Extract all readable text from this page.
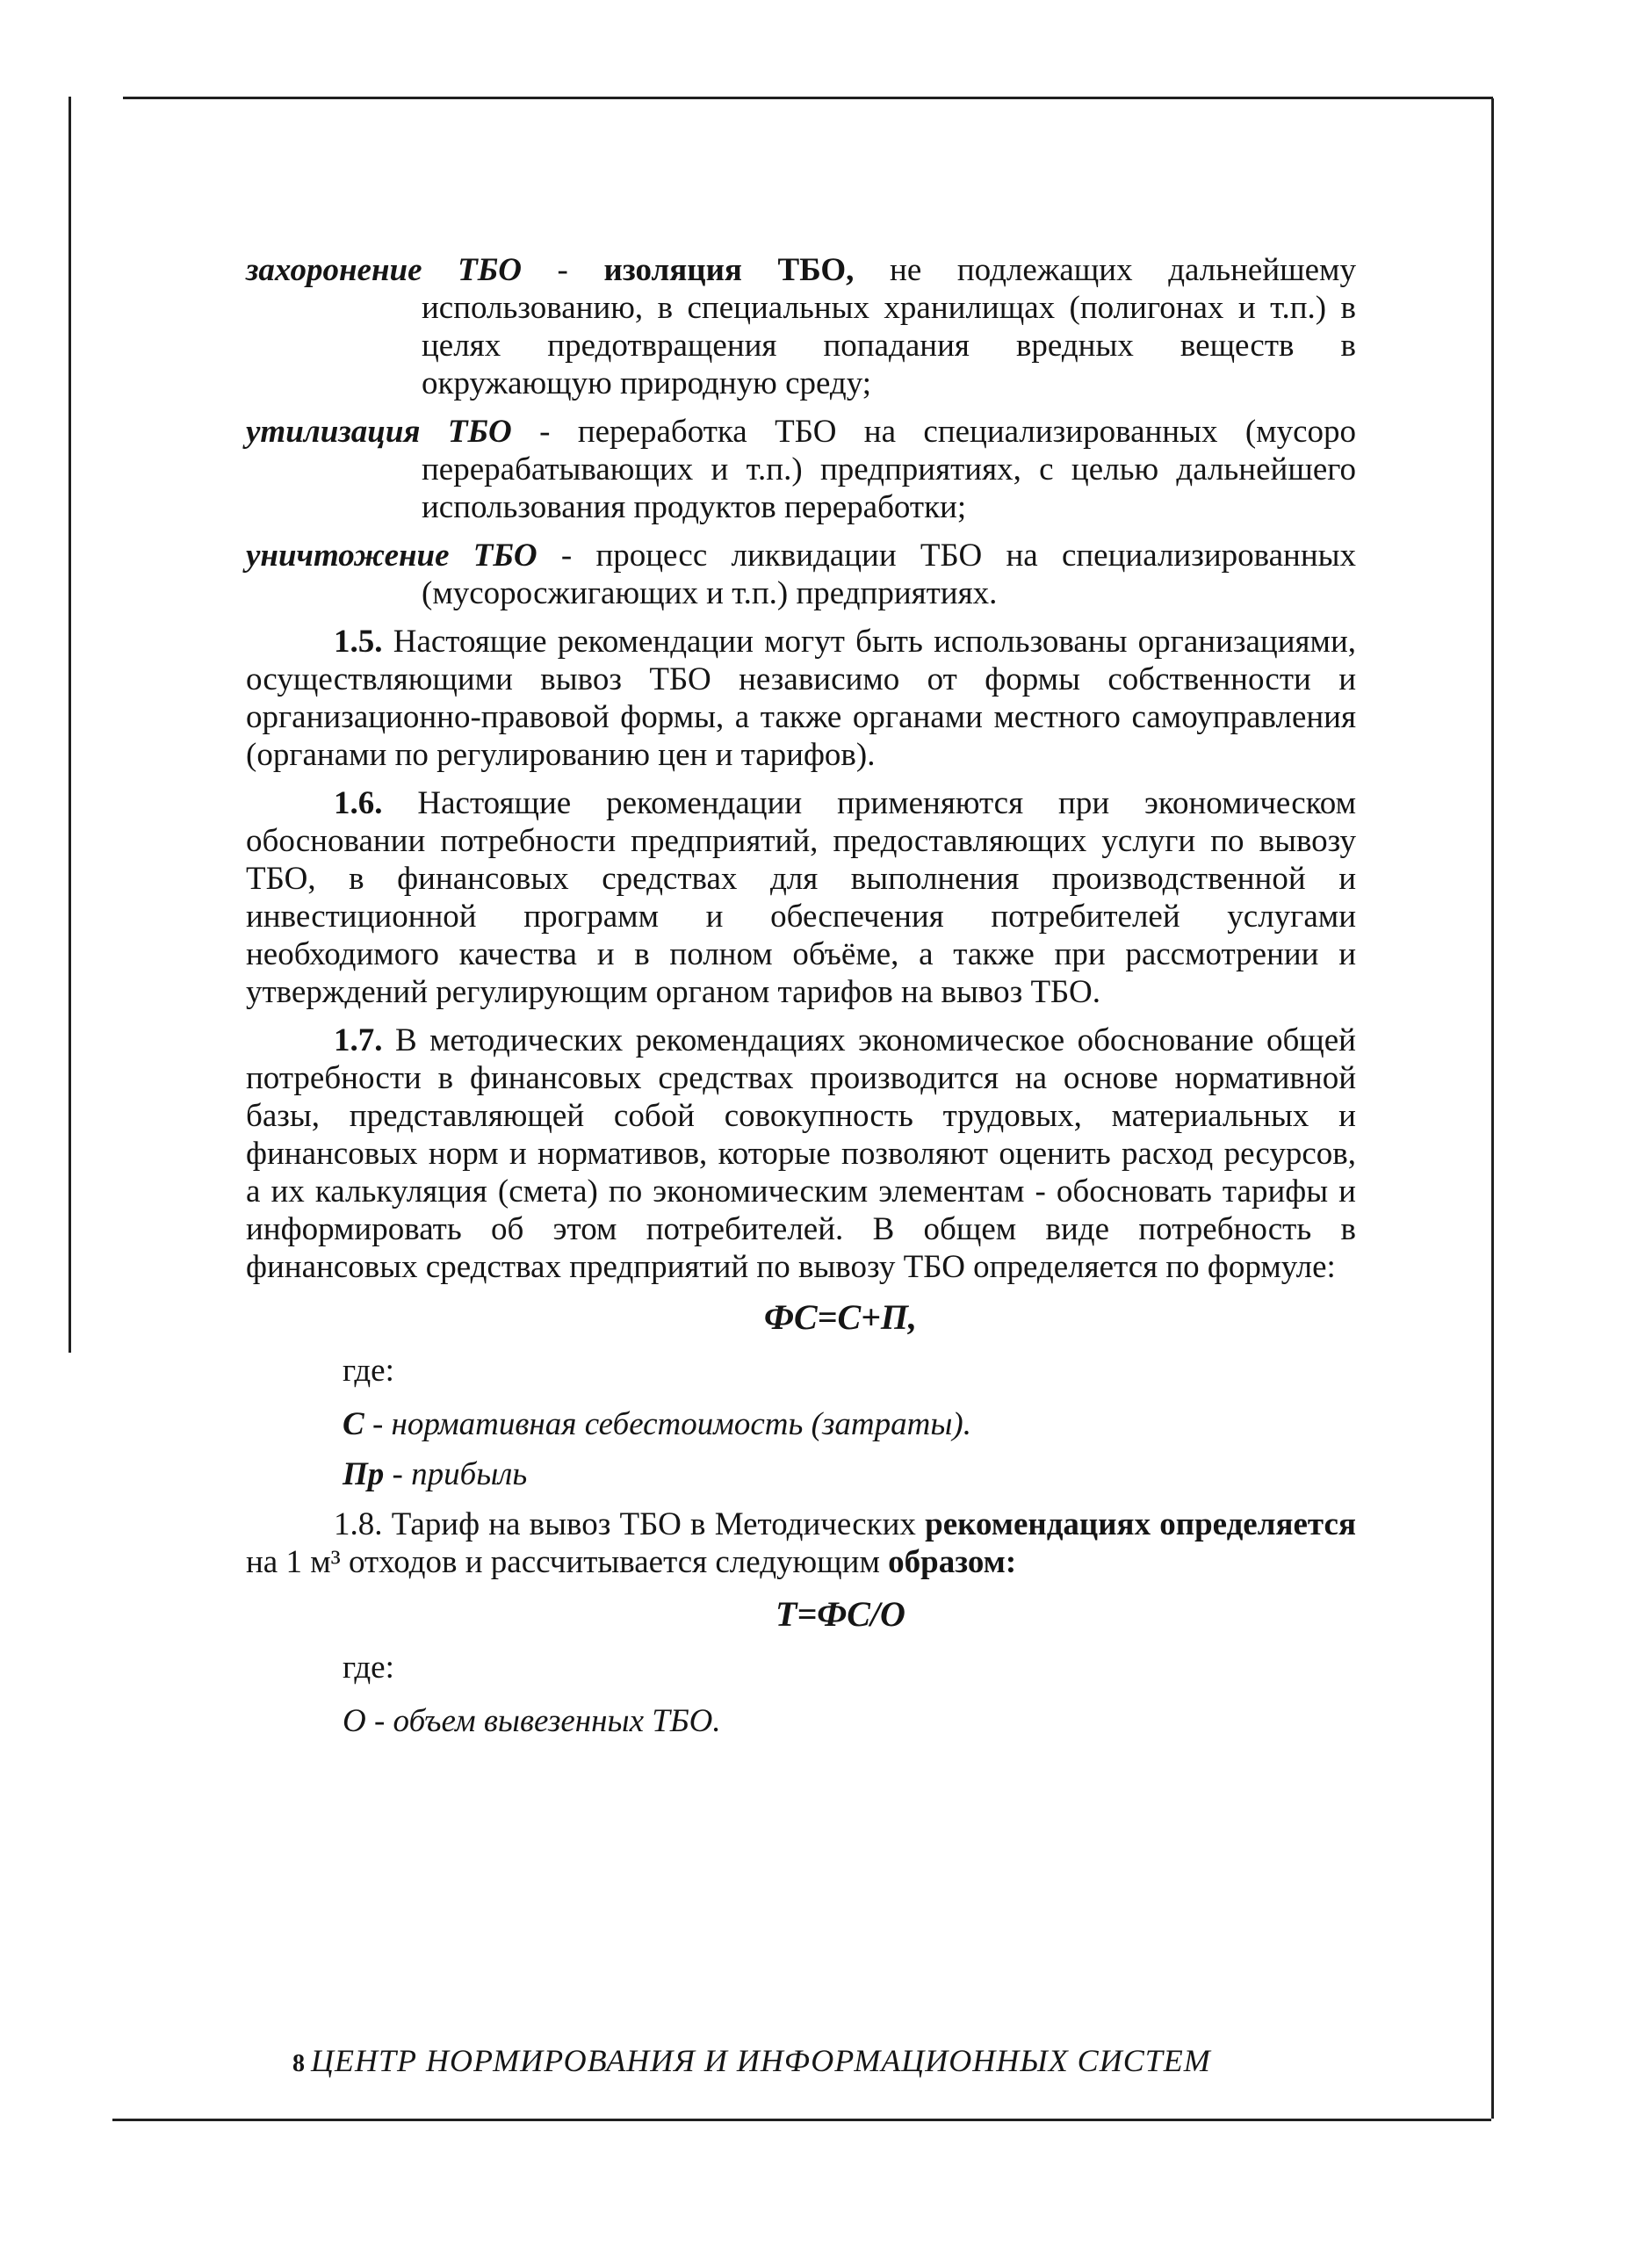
захоронение ТБО - изоляция ТБО, не подлежащих дальнейшему использованию, в специальных хранилищах (полигонах и т.п.) в целях предотвращения попадания вредных веществ в окружающую природную среду;

утилизация ТБО - переработка ТБО на специализированных (мусоро перерабатывающих и т.п.) предприятиях, с целью дальнейшего использования продуктов переработки;

уничтожение ТБО - процесс ликвидации ТБО на специализированных (мусоросжигающих и т.п.) предприятиях.

1.5. Настоящие рекомендации могут быть использованы организациями, осуществляющими вывоз ТБО независимо от формы собственности и организационно-правовой формы, а также органами местного самоуправления (органами по регулированию цен и тарифов).

1.6. Настоящие рекомендации применяются при экономическом обосновании потребности предприятий, предоставляющих услуги по вывозу ТБО, в финансовых средствах для выполнения производственной и инвестиционной программ и обеспечения потребителей услугами необходимого качества и в полном объёме, а также при рассмотрении и утверждений регулирующим органом тарифов на вывоз ТБО.

1.7. В методических рекомендациях экономическое обоснование общей потребности в финансовых средствах производится на основе нормативной базы, представляющей собой совокупность трудовых, материальных и финансовых норм и нормативов, которые позволяют оценить расход ресурсов, а их калькуляция (смета) по экономическим элементам - обосновать тарифы и информировать об этом потребителей. В общем виде потребность в финансовых средствах предприятий по вывозу ТБО определяется по формуле:

ФС=С+П,

где:

С - нормативная себестоимость (затраты).

Пр - прибыль

1.8. Тариф на вывоз ТБО в Методических рекомендациях определяется на 1 м³ отходов и рассчитывается следующим образом:

Т=ФС/О

где:

О - объем вывезенных ТБО.

8 ЦЕНТР НОРМИРОВАНИЯ И ИНФОРМАЦИОННЫХ СИСТЕМ
